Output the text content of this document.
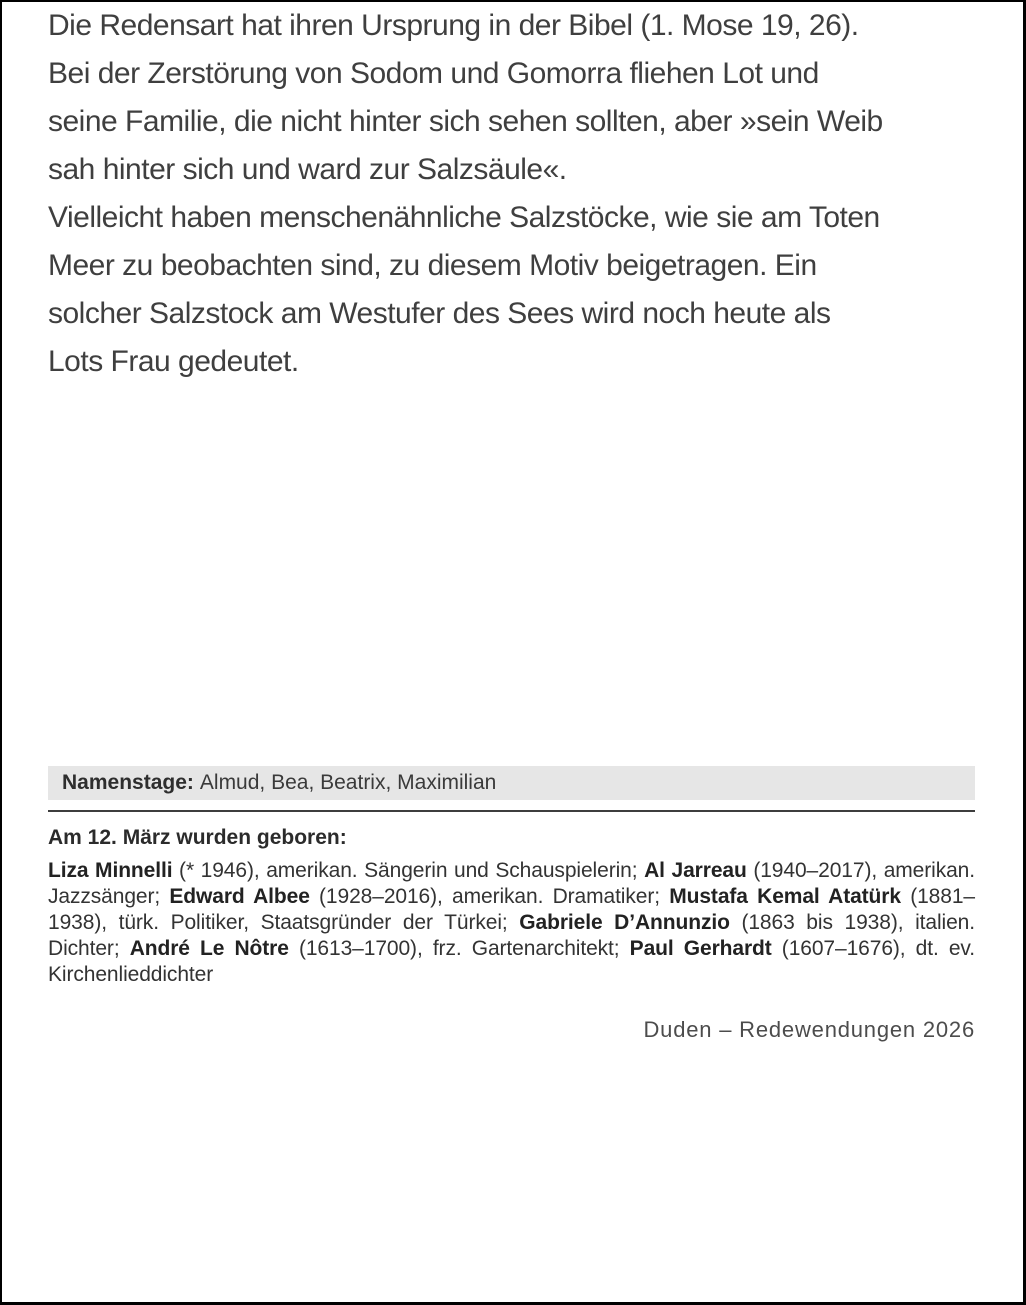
Die Redensart hat ihren Ursprung in der Bibel (1. Mose 19, 26).
Bei der Zerstörung von Sodom und Gomorra fliehen Lot und
seine Familie, die nicht hinter sich sehen sollten, aber »sein Weib
sah hinter sich und ward zur Salzsäule«.

Vielleicht haben menschenähnliche Salzstöcke, wie sie am Toten
Meer zu beobachten sind, zu diesem Motiv beigetragen. Ein
solcher Salzstock am Westufer des Sees wird noch heute als
Lots Frau gedeutet.

Namenstage: Almud, Bea, Beatrix, Maximilian

Am 12. März wurden geboren:

Liza Minnelli (* 1946), amerikan. Sängerin und Schauspielerin; Al Jarreau (1940–2017), amerikan. Jazzsänger; Edward Albee (1928–2016), amerikan. Dramatiker; Mustafa Kemal Atatürk (1881–1938), türk. Politiker, Staatsgründer der Türkei; Gabriele D’Annunzio (1863 bis 1938), italien. Dichter; André Le Nôtre (1613–1700), frz. Gartenarchitekt; Paul Gerhardt (1607–1676), dt. ev. Kirchenlieddichter

Duden – Redewendungen 2026
